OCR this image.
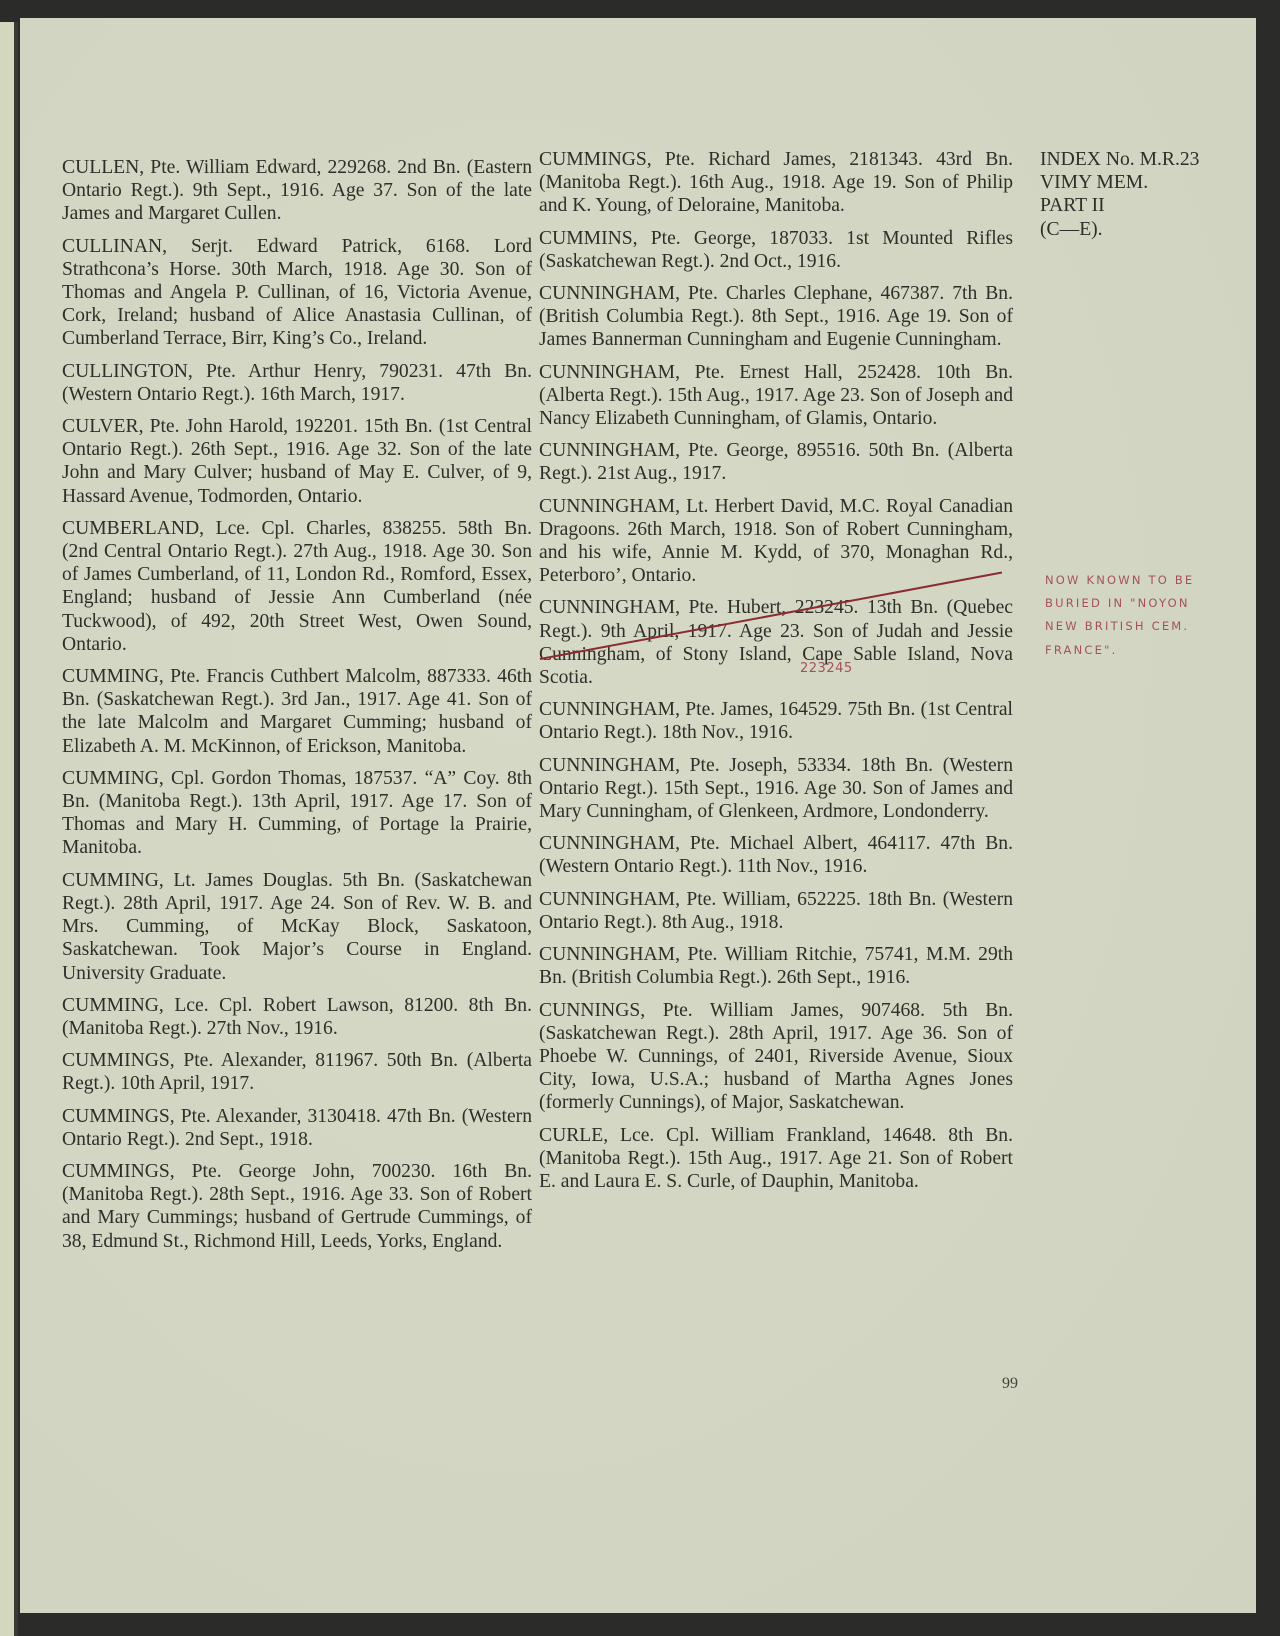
CULLEN, Pte. William Edward, 229268. 2nd Bn. (Eastern Ontario Regt.). 9th Sept., 1916. Age 37. Son of the late James and Margaret Cullen.

CULLINAN, Serjt. Edward Patrick, 6168. Lord Strathcona’s Horse. 30th March, 1918. Age 30. Son of Thomas and Angela P. Cullinan, of 16, Victoria Avenue, Cork, Ireland; husband of Alice Anastasia Cullinan, of Cumberland Terrace, Birr, King’s Co., Ireland.

CULLINGTON, Pte. Arthur Henry, 790231. 47th Bn. (Western Ontario Regt.). 16th March, 1917.

CULVER, Pte. John Harold, 192201. 15th Bn. (1st Central Ontario Regt.). 26th Sept., 1916. Age 32. Son of the late John and Mary Culver; husband of May E. Culver, of 9, Hassard Avenue, Todmorden, Ontario.

CUMBERLAND, Lce. Cpl. Charles, 838255. 58th Bn. (2nd Central Ontario Regt.). 27th Aug., 1918. Age 30. Son of James Cumberland, of 11, London Rd., Romford, Essex, England; husband of Jessie Ann Cumberland (née Tuckwood), of 492, 20th Street West, Owen Sound, Ontario.

CUMMING, Pte. Francis Cuthbert Malcolm, 887333. 46th Bn. (Saskatchewan Regt.). 3rd Jan., 1917. Age 41. Son of the late Malcolm and Margaret Cumming; husband of Elizabeth A. M. McKinnon, of Erickson, Manitoba.

CUMMING, Cpl. Gordon Thomas, 187537. “A” Coy. 8th Bn. (Manitoba Regt.). 13th April, 1917. Age 17. Son of Thomas and Mary H. Cumming, of Portage la Prairie, Manitoba.

CUMMING, Lt. James Douglas. 5th Bn. (Saskatchewan Regt.). 28th April, 1917. Age 24. Son of Rev. W. B. and Mrs. Cumming, of McKay Block, Saskatoon, Saskatchewan. Took Major’s Course in England. University Graduate.

CUMMING, Lce. Cpl. Robert Lawson, 81200. 8th Bn. (Manitoba Regt.). 27th Nov., 1916.

CUMMINGS, Pte. Alexander, 811967. 50th Bn. (Alberta Regt.). 10th April, 1917.

CUMMINGS, Pte. Alexander, 3130418. 47th Bn. (Western Ontario Regt.). 2nd Sept., 1918.

CUMMINGS, Pte. George John, 700230. 16th Bn. (Manitoba Regt.). 28th Sept., 1916. Age 33. Son of Robert and Mary Cummings; husband of Gertrude Cummings, of 38, Edmund St., Richmond Hill, Leeds, Yorks, England.

CUMMINGS, Pte. Richard James, 2181343. 43rd Bn. (Manitoba Regt.). 16th Aug., 1918. Age 19. Son of Philip and K. Young, of Deloraine, Manitoba.

CUMMINS, Pte. George, 187033. 1st Mounted Rifles (Saskatchewan Regt.). 2nd Oct., 1916.

CUNNINGHAM, Pte. Charles Clephane, 467387. 7th Bn. (British Columbia Regt.). 8th Sept., 1916. Age 19. Son of James Bannerman Cunningham and Eugenie Cunningham.

CUNNINGHAM, Pte. Ernest Hall, 252428. 10th Bn. (Alberta Regt.). 15th Aug., 1917. Age 23. Son of Joseph and Nancy Elizabeth Cunningham, of Glamis, Ontario.

CUNNINGHAM, Pte. George, 895516. 50th Bn. (Alberta Regt.). 21st Aug., 1917.

CUNNINGHAM, Lt. Herbert David, M.C. Royal Canadian Dragoons. 26th March, 1918. Son of Robert Cunningham, and his wife, Annie M. Kydd, of 370, Monaghan Rd., Peterboro’, Ontario.

CUNNINGHAM, Pte. Hubert, 223245. 13th Bn. (Quebec Regt.). 9th April, 1917. Age 23. Son of Judah and Jessie Cunningham, of Stony Island, Cape Sable Island, Nova Scotia.

CUNNINGHAM, Pte. James, 164529. 75th Bn. (1st Central Ontario Regt.). 18th Nov., 1916.

CUNNINGHAM, Pte. Joseph, 53334. 18th Bn. (Western Ontario Regt.). 15th Sept., 1916. Age 30. Son of James and Mary Cunningham, of Glenkeen, Ardmore, Londonderry.

CUNNINGHAM, Pte. Michael Albert, 464117. 47th Bn. (Western Ontario Regt.). 11th Nov., 1916.

CUNNINGHAM, Pte. William, 652225. 18th Bn. (Western Ontario Regt.). 8th Aug., 1918.

CUNNINGHAM, Pte. William Ritchie, 75741, M.M. 29th Bn. (British Columbia Regt.). 26th Sept., 1916.

CUNNINGS, Pte. William James, 907468. 5th Bn. (Saskatchewan Regt.). 28th April, 1917. Age 36. Son of Phoebe W. Cunnings, of 2401, Riverside Avenue, Sioux City, Iowa, U.S.A.; husband of Martha Agnes Jones (formerly Cunnings), of Major, Saskatchewan.

CURLE, Lce. Cpl. William Frankland, 14648. 8th Bn. (Manitoba Regt.). 15th Aug., 1917. Age 21. Son of Robert E. and Laura E. S. Curle, of Dauphin, Manitoba.

INDEX No. M.R.23
VIMY MEM.
PART II
(C—E).
NOW KNOWN TO BE
BURIED IN "NOYON
NEW BRITISH CEM.
FRANCE".
223245
99
